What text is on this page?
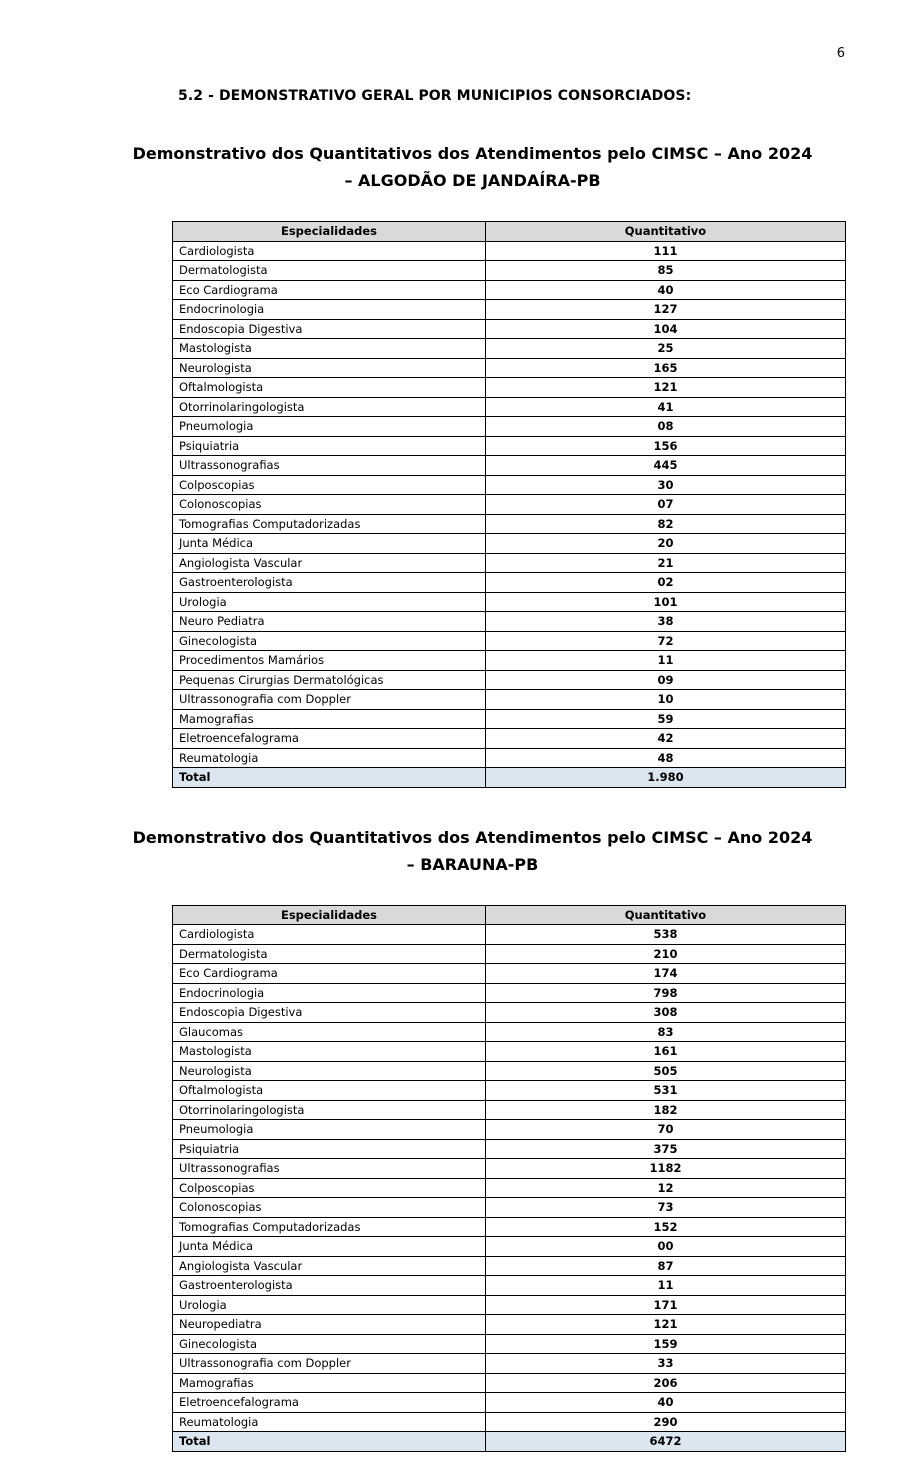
6
5.2 - DEMONSTRATIVO GERAL POR MUNICIPIOS CONSORCIADOS:
Demonstrativo dos Quantitativos dos Atendimentos pelo CIMSC – Ano 2024
– ALGODÃO DE JANDAÍRA-PB
Especialidades	Quantitativo
Cardiologista	111
Dermatologista	85
Eco Cardiograma	40
Endocrinologia	127
Endoscopia Digestiva	104
Mastologista	25
Neurologista	165
Oftalmologista	121
Otorrinolaringologista	41
Pneumologia	08
Psiquiatria	156
Ultrassonografias	445
Colposcopias	30
Colonoscopias	07
Tomografias Computadorizadas	82
Junta Médica	20
Angiologista Vascular	21
Gastroenterologista	02
Urologia	101
Neuro Pediatra	38
Ginecologista	72
Procedimentos Mamários	11
Pequenas Cirurgias Dermatológicas	09
Ultrassonografia com Doppler	10
Mamografias	59
Eletroencefalograma	42
Reumatologia	48
Total	1.980
Demonstrativo dos Quantitativos dos Atendimentos pelo CIMSC – Ano 2024
– BARAUNA-PB
Especialidades	Quantitativo
Cardiologista	538
Dermatologista	210
Eco Cardiograma	174
Endocrinologia	798
Endoscopia Digestiva	308
Glaucomas	83
Mastologista	161
Neurologista	505
Oftalmologista	531
Otorrinolaringologista	182
Pneumologia	70
Psiquiatria	375
Ultrassonografias	1182
Colposcopias	12
Colonoscopias	73
Tomografias Computadorizadas	152
Junta Médica	00
Angiologista Vascular	87
Gastroenterologista	11
Urologia	171
Neuropediatra	121
Ginecologista	159
Ultrassonografia com Doppler	33
Mamografias	206
Eletroencefalograma	40
Reumatologia	290
Total	6472
